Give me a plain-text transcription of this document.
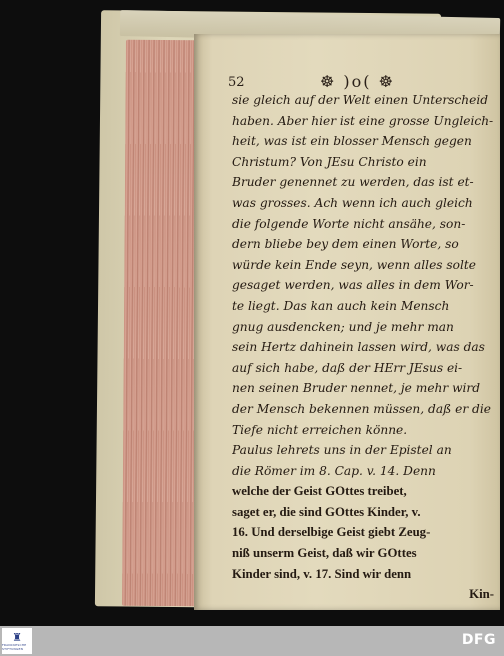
52	☸ )o( ☸
sie gleich auf der Welt einen Unterscheid
haben. Aber hier ist eine grosse Ungleich-
heit, was ist ein blosser Mensch gegen
Christum? Von JEsu Christo ein
Bruder genennet zu werden, das ist et-
was grosses. Ach wenn ich auch gleich
die folgende Worte nicht ansähe, son-
dern bliebe bey dem einen Worte, so
würde kein Ende seyn, wenn alles solte
gesaget werden, was alles in dem Wor-
te liegt. Das kan auch kein Mensch
gnug ausdencken; und je mehr man
sein Hertz dahinein lassen wird, was das
auf sich habe, daß der HErr JEsus ei-
nen seinen Bruder nennet, je mehr wird
der Mensch bekennen müssen, daß er die
Tiefe nicht erreichen könne.
Paulus lehrets uns in der Epistel an
die Römer im 8. Cap. v. 14. Denn
welche der Geist GOttes treibet,
saget er, die sind GOttes Kinder, v.
16. Und derselbige Geist giebt Zeug-
niß unserm Geist, daß wir GOttes
Kinder sind, v. 17. Sind wir denn
Kin-
♜
FRANCKESCHE STIFTUNGEN
DFG
